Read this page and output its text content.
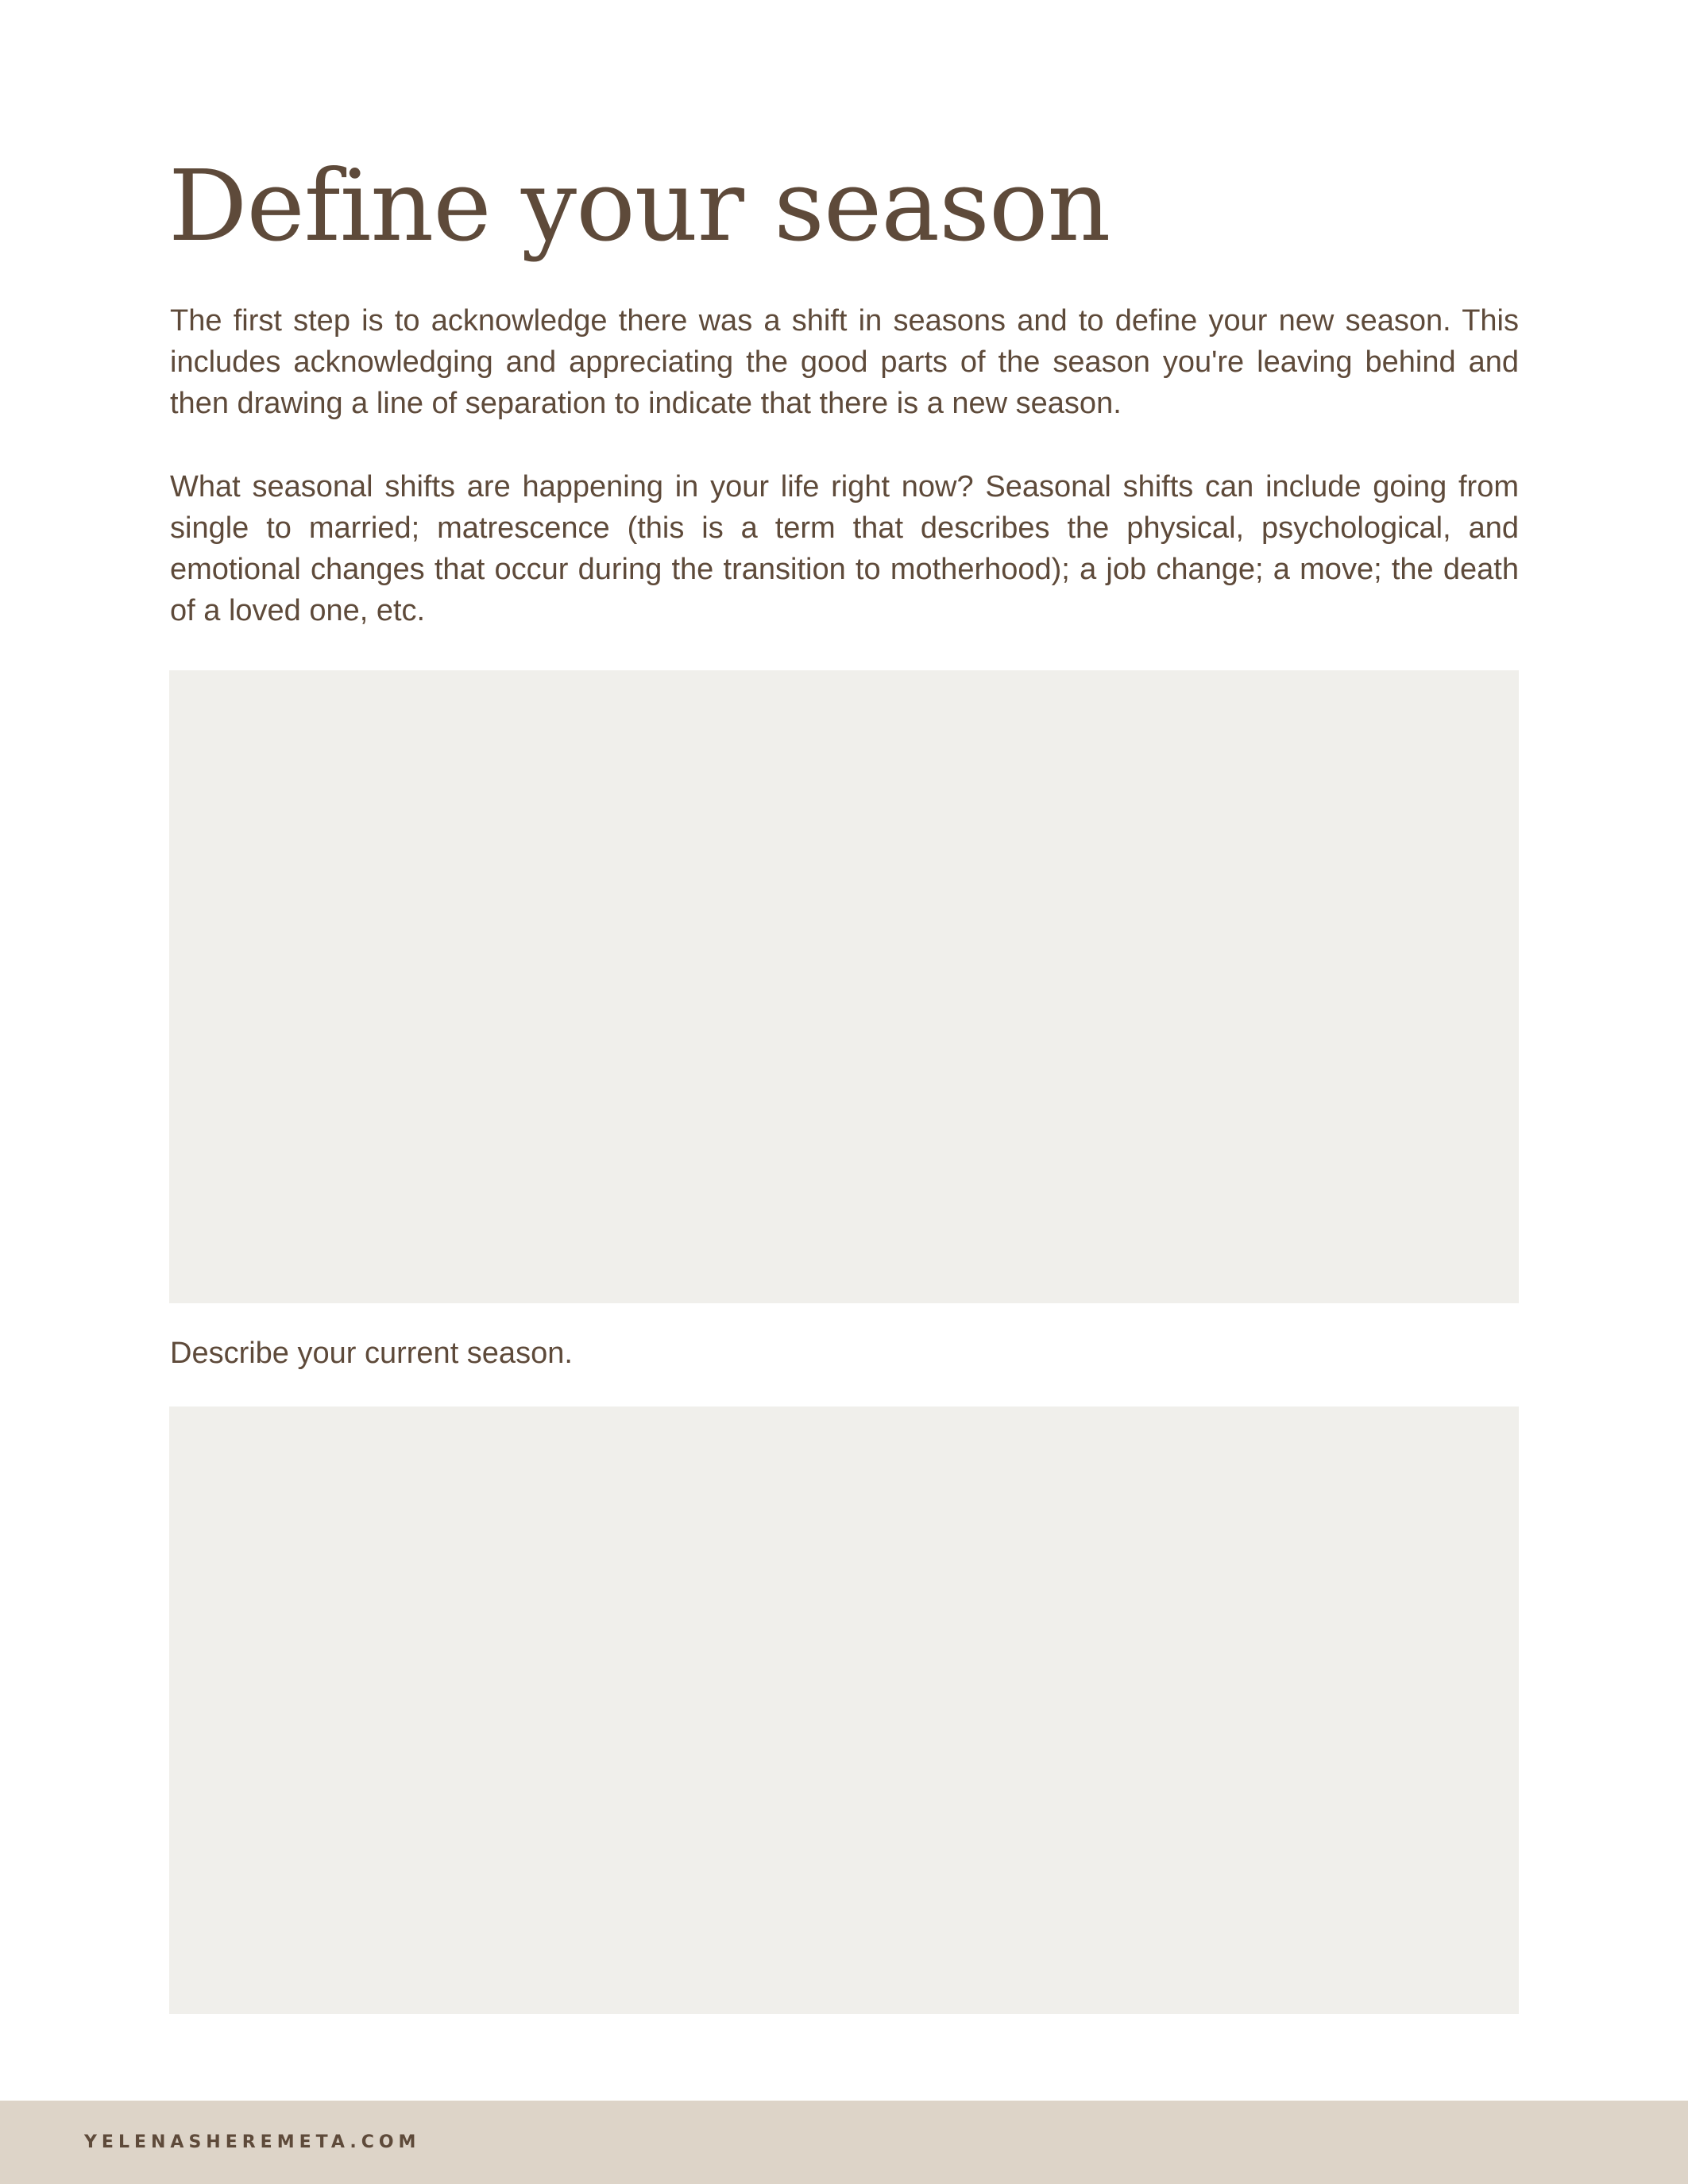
Define your season

The first step is to acknowledge there was a shift in seasons and to define your new season. This includes acknowledging and appreciating the good parts of the season you're leaving behind and then drawing a line of separation to indicate that there is a new season.

What seasonal shifts are happening in your life right now? Seasonal shifts can include going from single to married; matrescence (this is a term that describes the physical, psychological, and emotional changes that occur during the transition to motherhood); a job change; a move; the death of a loved one, etc.

Describe your current season.

YELENASHEREMETA.COM
